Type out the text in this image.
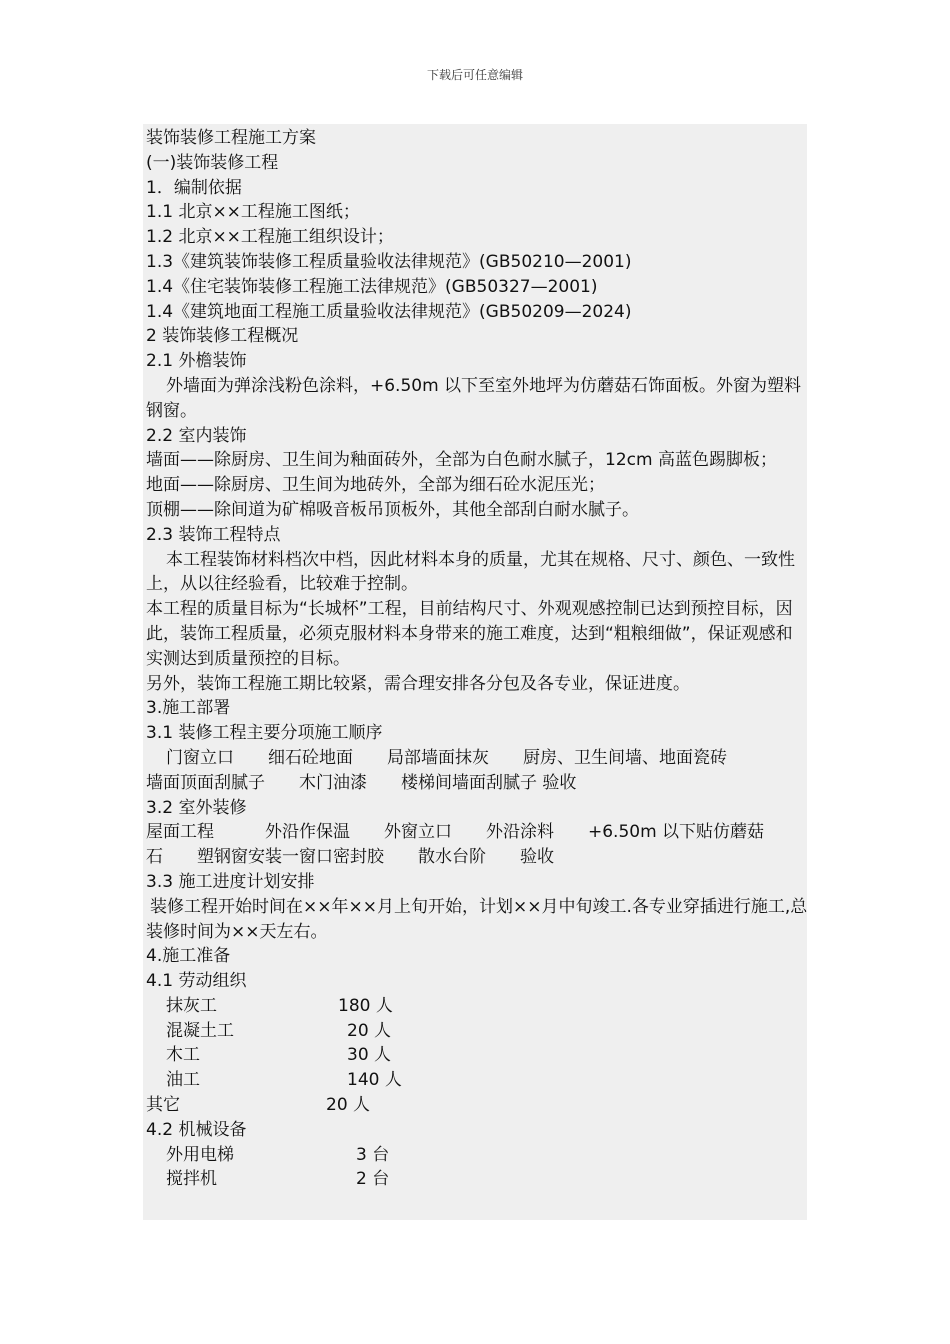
下载后可任意编辑
装饰装修工程施工方案
(一)装饰装修工程
1．编制依据
1.1 北京××工程施工图纸；
1.2 北京××工程施工组织设计；
1.3《建筑装饰装修工程质量验收法律规范》(GB50210—2001)
1.4《住宅装饰装修工程施工法律规范》(GB50327—2001)
1.4《建筑地面工程施工质量验收法律规范》(GB50209—2024)
2 装饰装修工程概况
2.1 外檐装饰
外墙面为弹涂浅粉色涂料，+6.50m 以下至室外地坪为仿蘑菇石饰面板。外窗为塑料钢窗。
2.2 室内装饰
墙面——除厨房、卫生间为釉面砖外，全部为白色耐水腻子，12cm 高蓝色踢脚板；
地面——除厨房、卫生间为地砖外，全部为细石砼水泥压光；
顶棚——除间道为矿棉吸音板吊顶板外，其他全部刮白耐水腻子。
2.3 装饰工程特点
本工程装饰材料档次中档，因此材料本身的质量，尤其在规格、尺寸、颜色、一致性上，从以往经验看，比较难于控制。
本工程的质量目标为“长城杯”工程，目前结构尺寸、外观观感控制已达到预控目标，因此，装饰工程质量，必须克服材料本身带来的施工难度，达到“粗粮细做”，保证观感和实测达到质量预控的目标。
另外，装饰工程施工期比较紧，需合理安排各分包及各专业，保证进度。
3.施工部署
3.1 装修工程主要分项施工顺序
门窗立口　　细石砼地面　　局部墙面抹灰　　厨房、卫生间墙、地面瓷砖
墙面顶面刮腻子　　木门油漆　　楼梯间墙面刮腻子 验收
3.2 室外装修
屋面工程　　　外沿作保温　　外窗立口　　外沿涂料　　+6.50m 以下贴仿蘑菇
石　　塑钢窗安装一窗口密封胶　　散水台阶　　验收
3.3 施工进度计划安排
装修工程开始时间在××年××月上旬开始，计划××月中旬竣工.各专业穿插进行施工,总装修时间为××天左右。
4.施工准备
4.1 劳动组织
抹灰工	180 人
混凝土工	20 人
木工	30 人
油工	140 人
其它	20 人
4.2 机械设备
外用电梯	3 台
搅拌机	2 台
